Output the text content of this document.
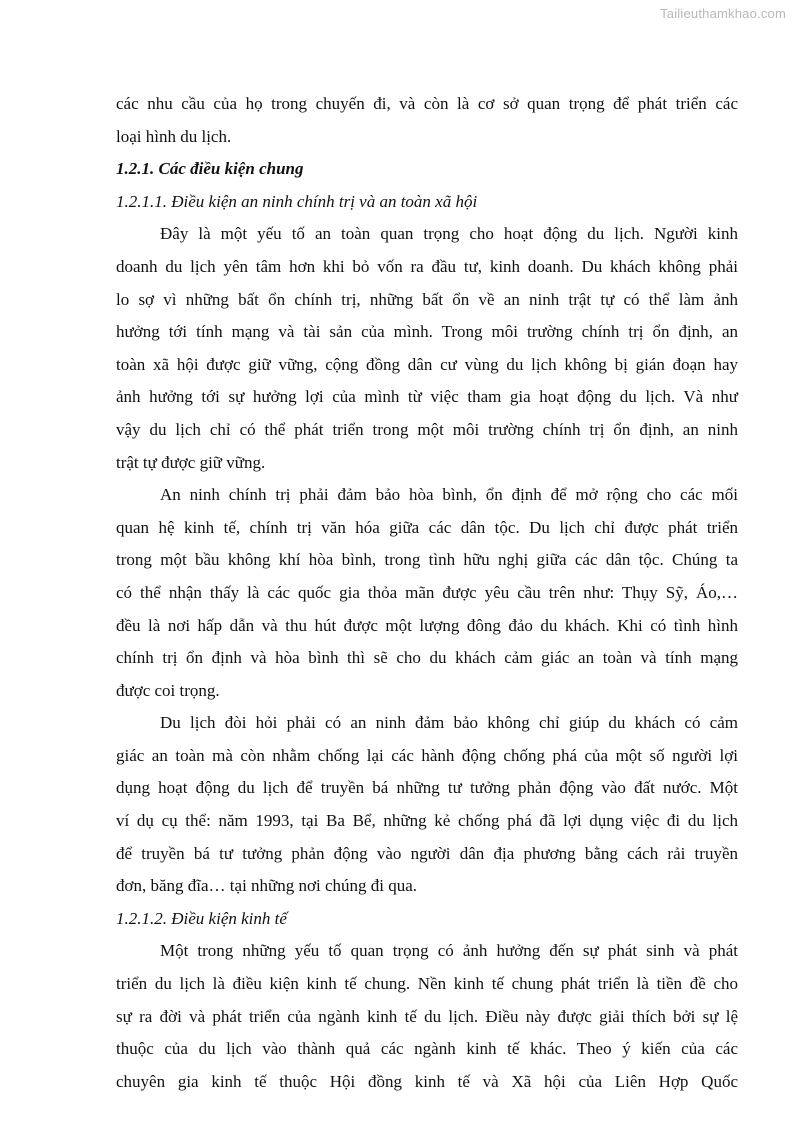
Tailieuthamkhao.com
các nhu cầu của họ trong chuyến đi, và còn là cơ sở quan trọng để phát triển các
loại hình du lịch.
1.2.1. Các điều kiện chung
1.2.1.1. Điều kiện an ninh chính trị và an toàn xã hội
Đây là một yếu tố an toàn quan trọng cho hoạt động du lịch. Người kinh
doanh du lịch yên tâm hơn khi bỏ vốn ra đầu tư, kinh doanh. Du khách không phải
lo sợ vì những bất ổn chính trị, những bất ổn về an ninh trật tự có thể làm ảnh
hưởng tới tính mạng và tài sản của mình. Trong môi trường chính trị ổn định, an
toàn xã hội được giữ vững, cộng đồng dân cư vùng du lịch không bị gián đoạn hay
ảnh hưởng tới sự hưởng lợi của mình từ việc tham gia hoạt động du lịch. Và như
vậy du lịch chỉ có thể phát triển trong một môi trường chính trị ổn định, an ninh
trật tự được giữ vững.
An ninh chính trị phải đảm bảo hòa bình, ổn định để mở rộng cho các mối
quan hệ kinh tế, chính trị văn hóa giữa các dân tộc. Du lịch chỉ được phát triển
trong một bầu không khí hòa bình, trong tình hữu nghị giữa các dân tộc. Chúng ta
có thể nhận thấy là các quốc gia thỏa mãn được yêu cầu trên như: Thụy Sỹ, Áo,…
đều là nơi hấp dẫn và thu hút được một lượng đông đảo du khách. Khi có tình hình
chính trị ổn định và hòa bình thì sẽ cho du khách cảm giác an toàn và tính mạng
được coi trọng.
Du lịch đòi hỏi phải có an ninh đảm bảo không chỉ giúp du khách có cảm
giác an toàn mà còn nhằm chống lại các hành động chống phá của một số người lợi
dụng hoạt động du lịch để truyền bá những tư tưởng phản động vào đất nước. Một
ví dụ cụ thể: năm 1993, tại Ba Bể, những kẻ chống phá đã lợi dụng việc đi du lịch
để truyền bá tư tưởng phản động vào người dân địa phương bằng cách rải truyền
đơn, băng đĩa… tại những nơi chúng đi qua.
1.2.1.2. Điều kiện kinh tế
Một trong những yếu tố quan trọng có ảnh hưởng đến sự phát sinh và phát
triển du lịch là điều kiện kinh tế chung. Nền kinh tế chung phát triển là tiền đề cho
sự ra đời và phát triển của ngành kinh tế du lịch. Điều này được giải thích bởi sự lệ
thuộc của du lịch vào thành quả các ngành kinh tế khác. Theo ý kiến của các
chuyên gia kinh tế thuộc Hội đồng kinh tế và Xã hội của Liên Hợp Quốc
